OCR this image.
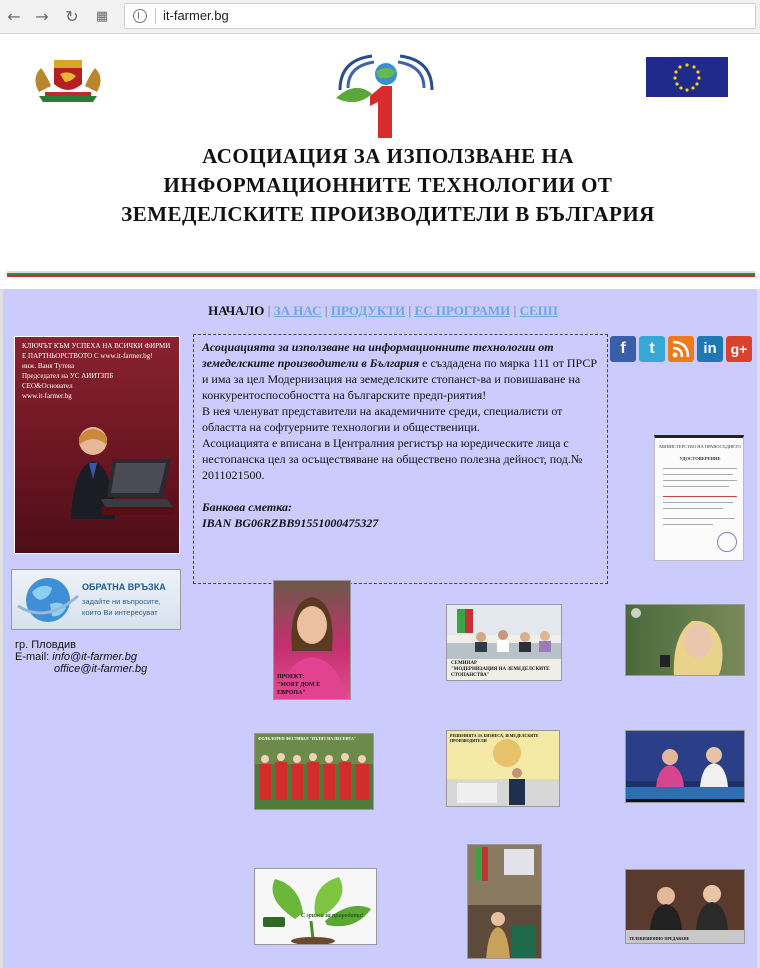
← → ↻ ▦	it-farmer.bg
АСОЦИАЦИЯ ЗА ИЗПОЛЗВАНЕ НА
ИНФОРМАЦИОННИТЕ ТЕХНОЛОГИИ ОТ
ЗЕМЕДЕЛСКИТЕ ПРОИЗВОДИТЕЛИ В БЪЛГАРИЯ
НАЧАЛО | ЗА НАС | ПРОДУКТИ | ЕС ПРОГРАМИ | СЕПП
КЛЮЧЪТ КЪМ УСПЕХА НА ВСИЧКИ ФИРМИ
Е ПАРТНЬОРСТВОТО С www.it-farmer.bg!
инж. Ваня Тутева
Председател на УС АИИТЗПБ
CEO&Основател
www.it-farmer.bg
ОБРАТНА ВРЪЗКА
задайте ни въпросите, които Ви интересуват
гр. Пловдив
E-mail: info@it-farmer.bg
office@it-farmer.bg

Асоциацията за използване на информационните технологии от земеделските производители в България е създадена по мярка 111 от ПРСР и има за цел Модернизация на земеделските стопанст-ва и повишаване на конкурентоспособността на българските предп-риятия!

В нея членуват представители на академичните среди, специалисти от областта на софтуерните технологии и общественици.

Асоциацията е вписана в Централния регистър на юредическите лица с нестопанска цел за осъществяване на обществено полезна дейност, под.№ 2011021500.

Банкова сметка:

IBAN BG06RZBB91551000475327

f	t	in g+
МИНИСТЕРСТВО НА ПРАВОСЪДИЕТО
УДОСТОВЕРЕНИЕ
ПРОЕКТ:
"МОЯТ ДОМ Е ЕВРОПА"
СЕМИНАР
"МОДЕРНИЗАЦИЯ НА ЗЕМЕДЕЛСКИТЕ
СТОПАНСТВА"
ФОЛКЛОРЕН ФЕСТИВАЛ "ПЪТЯТ НА ПЕСЕНТА"
РЕШЕНИЯТА ЗА БИЗНЕСА, ЗЕМЕДЕЛСКИТЕ ПРОИЗВОДИТЕЛИ
С грижа за природата!
ТЕЛЕВИЗИОННО ПРЕДАВАНЕ
